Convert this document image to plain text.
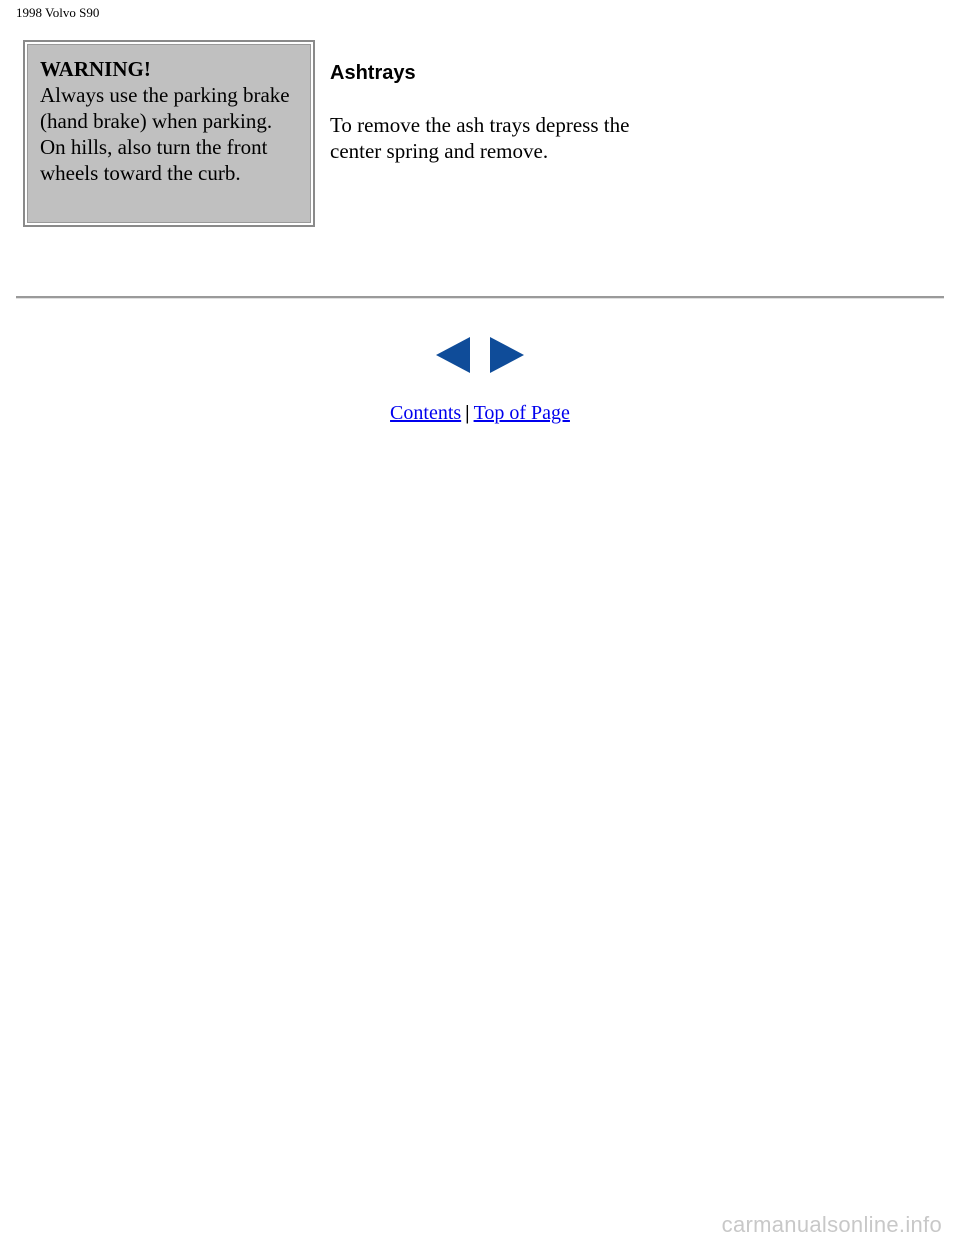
1998 Volvo S90
WARNING!
Always use the parking brake (hand brake) when parking. On hills, also turn the front wheels toward the curb.
Ashtrays

To remove the ash trays depress the center spring and remove.

Contents | Top of Page
carmanualsonline.info
